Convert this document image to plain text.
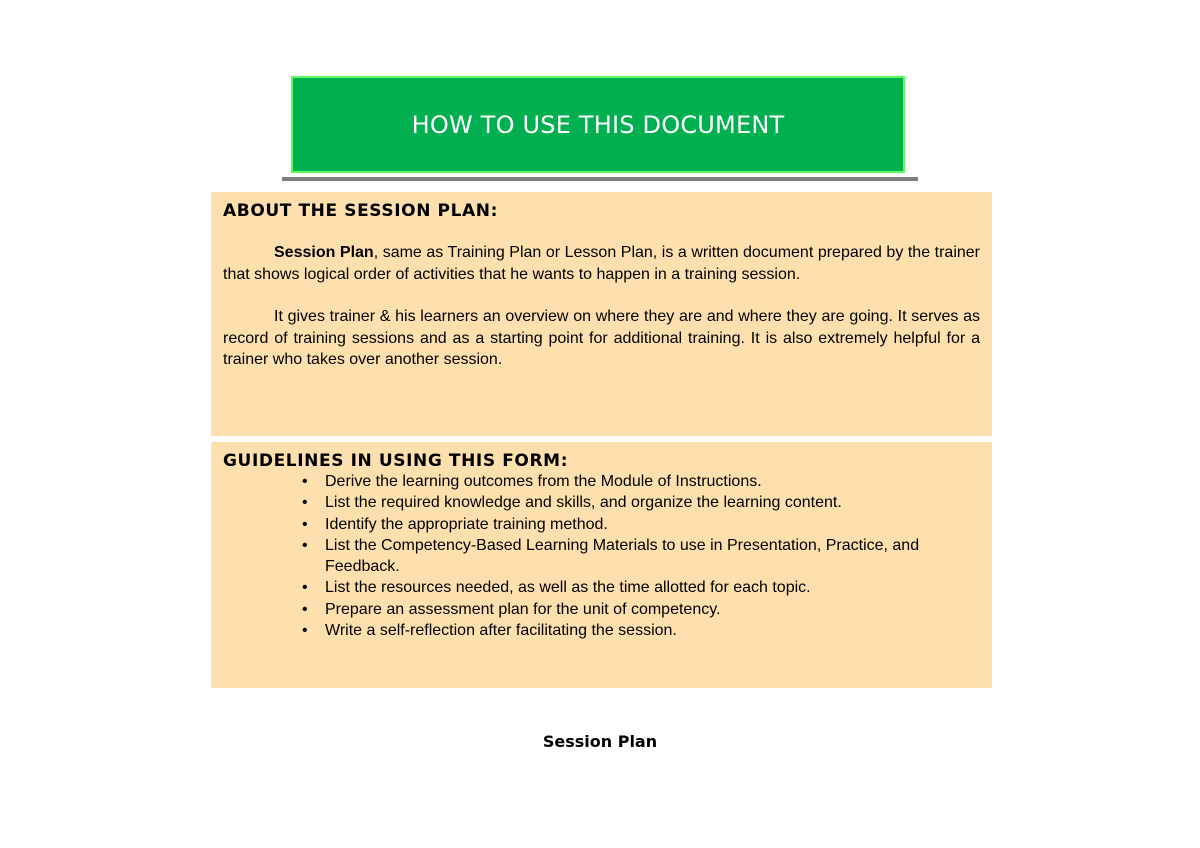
HOW TO USE THIS DOCUMENT

ABOUT THE SESSION PLAN:

Session Plan, same as Training Plan or Lesson Plan, is a written document prepared by the trainer that shows logical order of activities that he wants to happen in a training session.

It gives trainer & his learners an overview on where they are and where they are going. It serves as record of training sessions and as a starting point for additional training. It is also extremely helpful for a trainer who takes over another session.

GUIDELINES IN USING THIS FORM:

• Derive the learning outcomes from the Module of Instructions.
• List the required knowledge and skills, and organize the learning content.
• Identify the appropriate training method.
• List the Competency-Based Learning Materials to use in Presentation, Practice, and Feedback.
• List the resources needed, as well as the time allotted for each topic.
• Prepare an assessment plan for the unit of competency.
• Write a self-reflection after facilitating the session.
Session Plan
